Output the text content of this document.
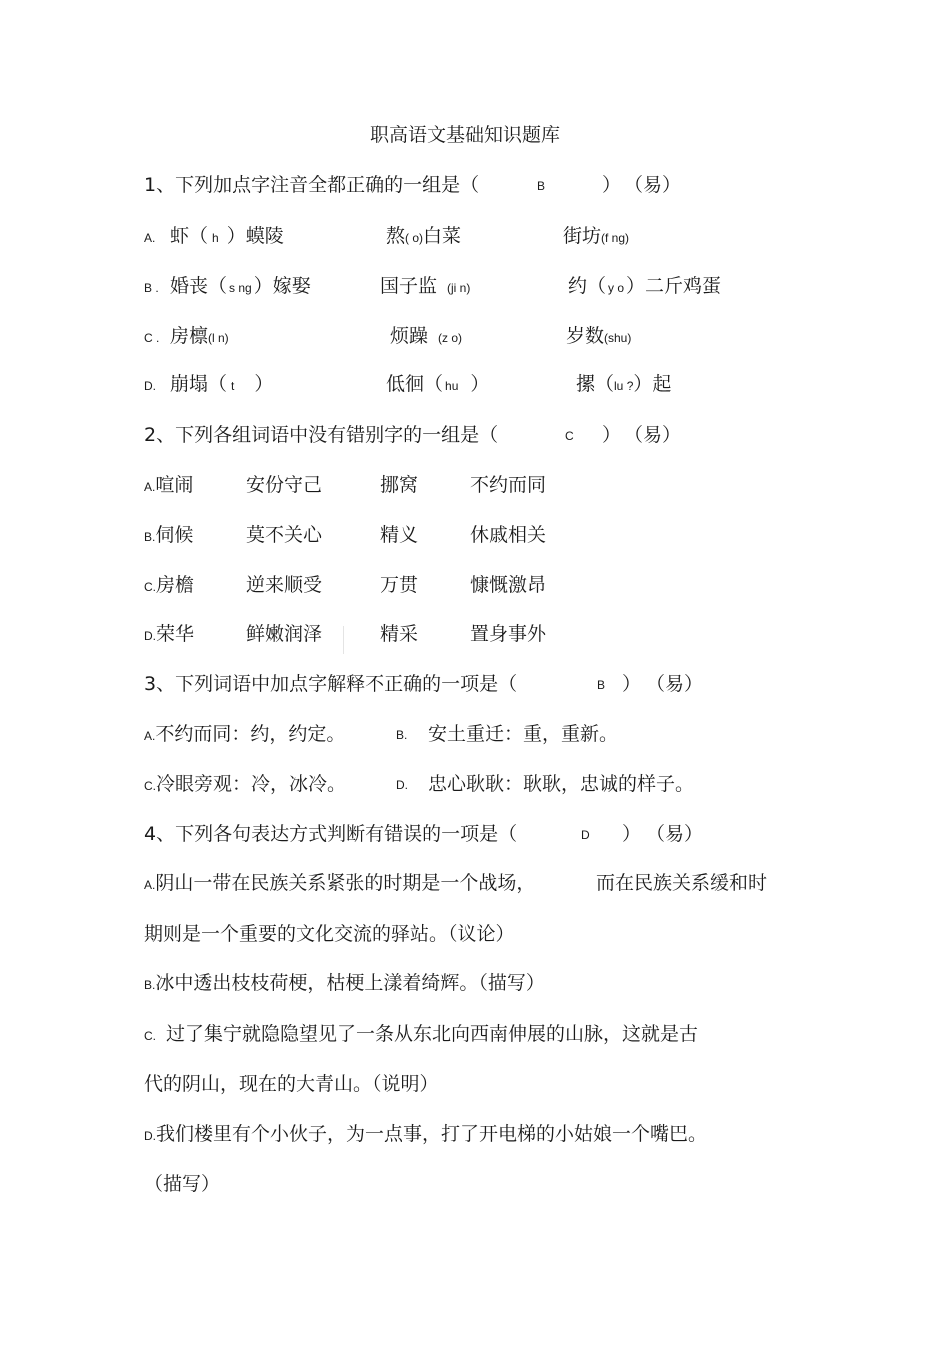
职高语文基础知识题库
1、下列加点字注音全都正确的一组是（	B	） （易）
A. 虾（ h ）蟆陵	熬( o)白菜	街坊(f ng)
B . 婚丧（ s ng ）嫁娶	国子监 (ji n)	约（ y o ）二斤鸡蛋
C . 房檩(l n)	烦躁 (z o)	岁数(shu)
D. 崩塌（ t ）	低徊（ hu ）	摞（lu ?）起
2、下列各组词语中没有错别字的一组是（	C ） （易）
A.喧闹	安份守己	挪窝	不约而同
B.伺候	莫不关心	精义	休戚相关
C.房檐	逆来顺受	万贯	慷慨激昂
D.荣华	鲜嫩润泽	精采	置身事外
3、下列词语中加点字解释不正确的一项是（	B ） （易）
A.不约而同：约，约定。	B. 安土重迁：重，重新。
C.冷眼旁观：冷，冰冷。	D. 忠心耿耿：耿耿，忠诚的样子。
4、下列各句表达方式判断有错误的一项是（	D ） （易）
A.阴山一带在民族关系紧张的时期是一个战场，	而在民族关系缓和时
期则是一个重要的文化交流的驿站。（议论）
B.冰中透出枝枝荷梗，枯梗上漾着绮辉。（描写）
C. 过了集宁就隐隐望见了一条从东北向西南伸展的山脉，这就是古
代的阴山，现在的大青山。（说明）
D.我们楼里有个小伙子，为一点事，打了开电梯的小姑娘一个嘴巴。
（描写）
